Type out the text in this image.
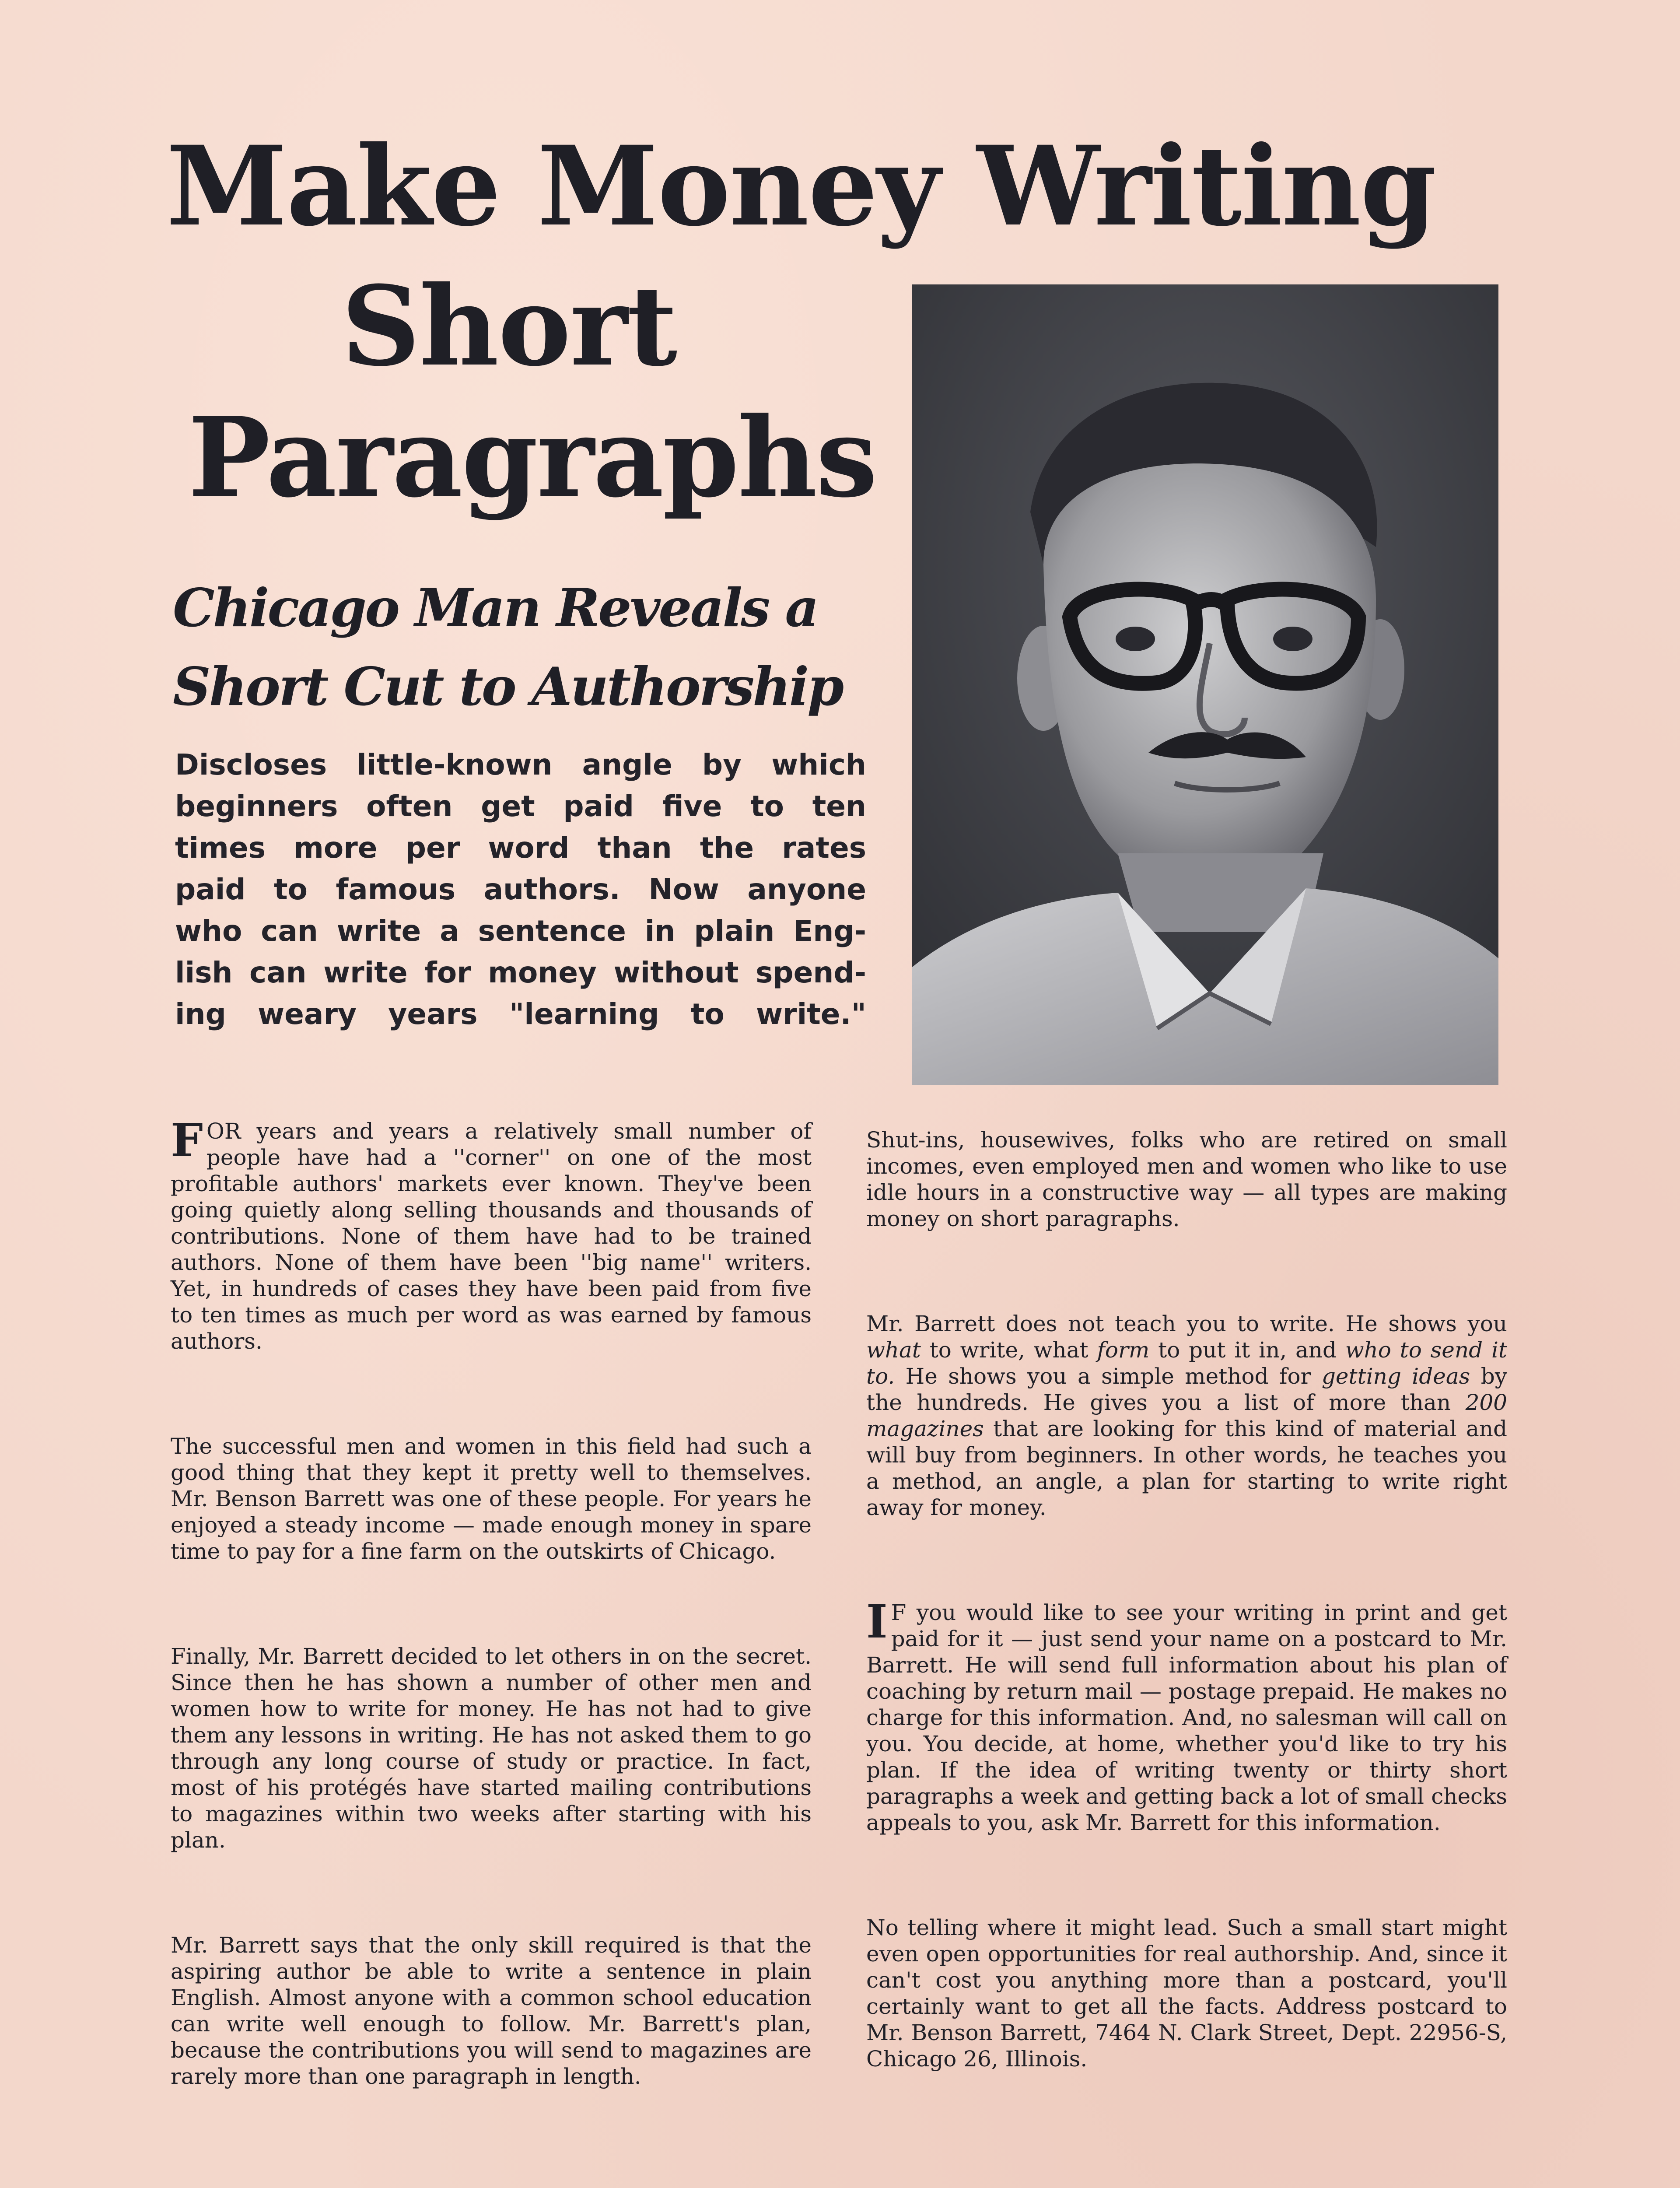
Make Money Writing
Short
Paragraphs
Chicago Man Reveals a
Short Cut to Authorship
Discloses little-known angle by which
beginners often get paid five to ten
times more per word than the rates
paid to famous authors. Now anyone
who can write a sentence in plain Eng-
lish can write for money without spend-
ing weary years "learning to write."

FOR years and years a relatively small number of people have had a ''corner'' on one of the most profitable authors' markets ever known. They've been going quietly along selling thousands and thousands of contributions. None of them have had to be trained authors. None of them have been ''big name'' writers. Yet, in hundreds of cases they have been paid from five to ten times as much per word as was earned by famous authors.

The successful men and women in this field had such a good thing that they kept it pretty well to themselves. Mr. Benson Barrett was one of these people. For years he enjoyed a steady income — made enough money in spare time to pay for a fine farm on the outskirts of Chicago.

Finally, Mr. Barrett decided to let others in on the secret. Since then he has shown a number of other men and women how to write for money. He has not had to give them any lessons in writing. He has not asked them to go through any long course of study or practice. In fact, most of his protégés have started mailing contributions to magazines within two weeks after starting with his plan.

Mr. Barrett says that the only skill required is that the aspiring author be able to write a sentence in plain English. Almost anyone with a common school education can write well enough to follow. Mr. Barrett's plan, because the contributions you will send to magazines are rarely more than one paragraph in length.

Shut-ins, housewives, folks who are retired on small incomes, even employed men and women who like to use idle hours in a constructive way — all types are making money on short paragraphs.

Mr. Barrett does not teach you to write. He shows you what to write, what form to put it in, and who to send it to. He shows you a simple method for getting ideas by the hundreds. He gives you a list of more than 200 magazines that are looking for this kind of material and will buy from beginners. In other words, he teaches you a method, an angle, a plan for starting to write right away for money.

I F you would like to see your writing in print and get paid for it — just send your name on a postcard to Mr. Barrett. He will send full information about his plan of coaching by return mail — postage prepaid. He makes no charge for this information. And, no salesman will call on you. You decide, at home, whether you'd like to try his plan. If the idea of writing twenty or thirty short paragraphs a week and getting back a lot of small checks appeals to you, ask Mr. Barrett for this information.

No telling where it might lead. Such a small start might even open opportunities for real authorship. And, since it can't cost you anything more than a postcard, you'll certainly want to get all the facts. Address postcard to Mr. Benson Barrett, 7464 N. Clark Street, Dept. 22956-S, Chicago 26, Illinois.
